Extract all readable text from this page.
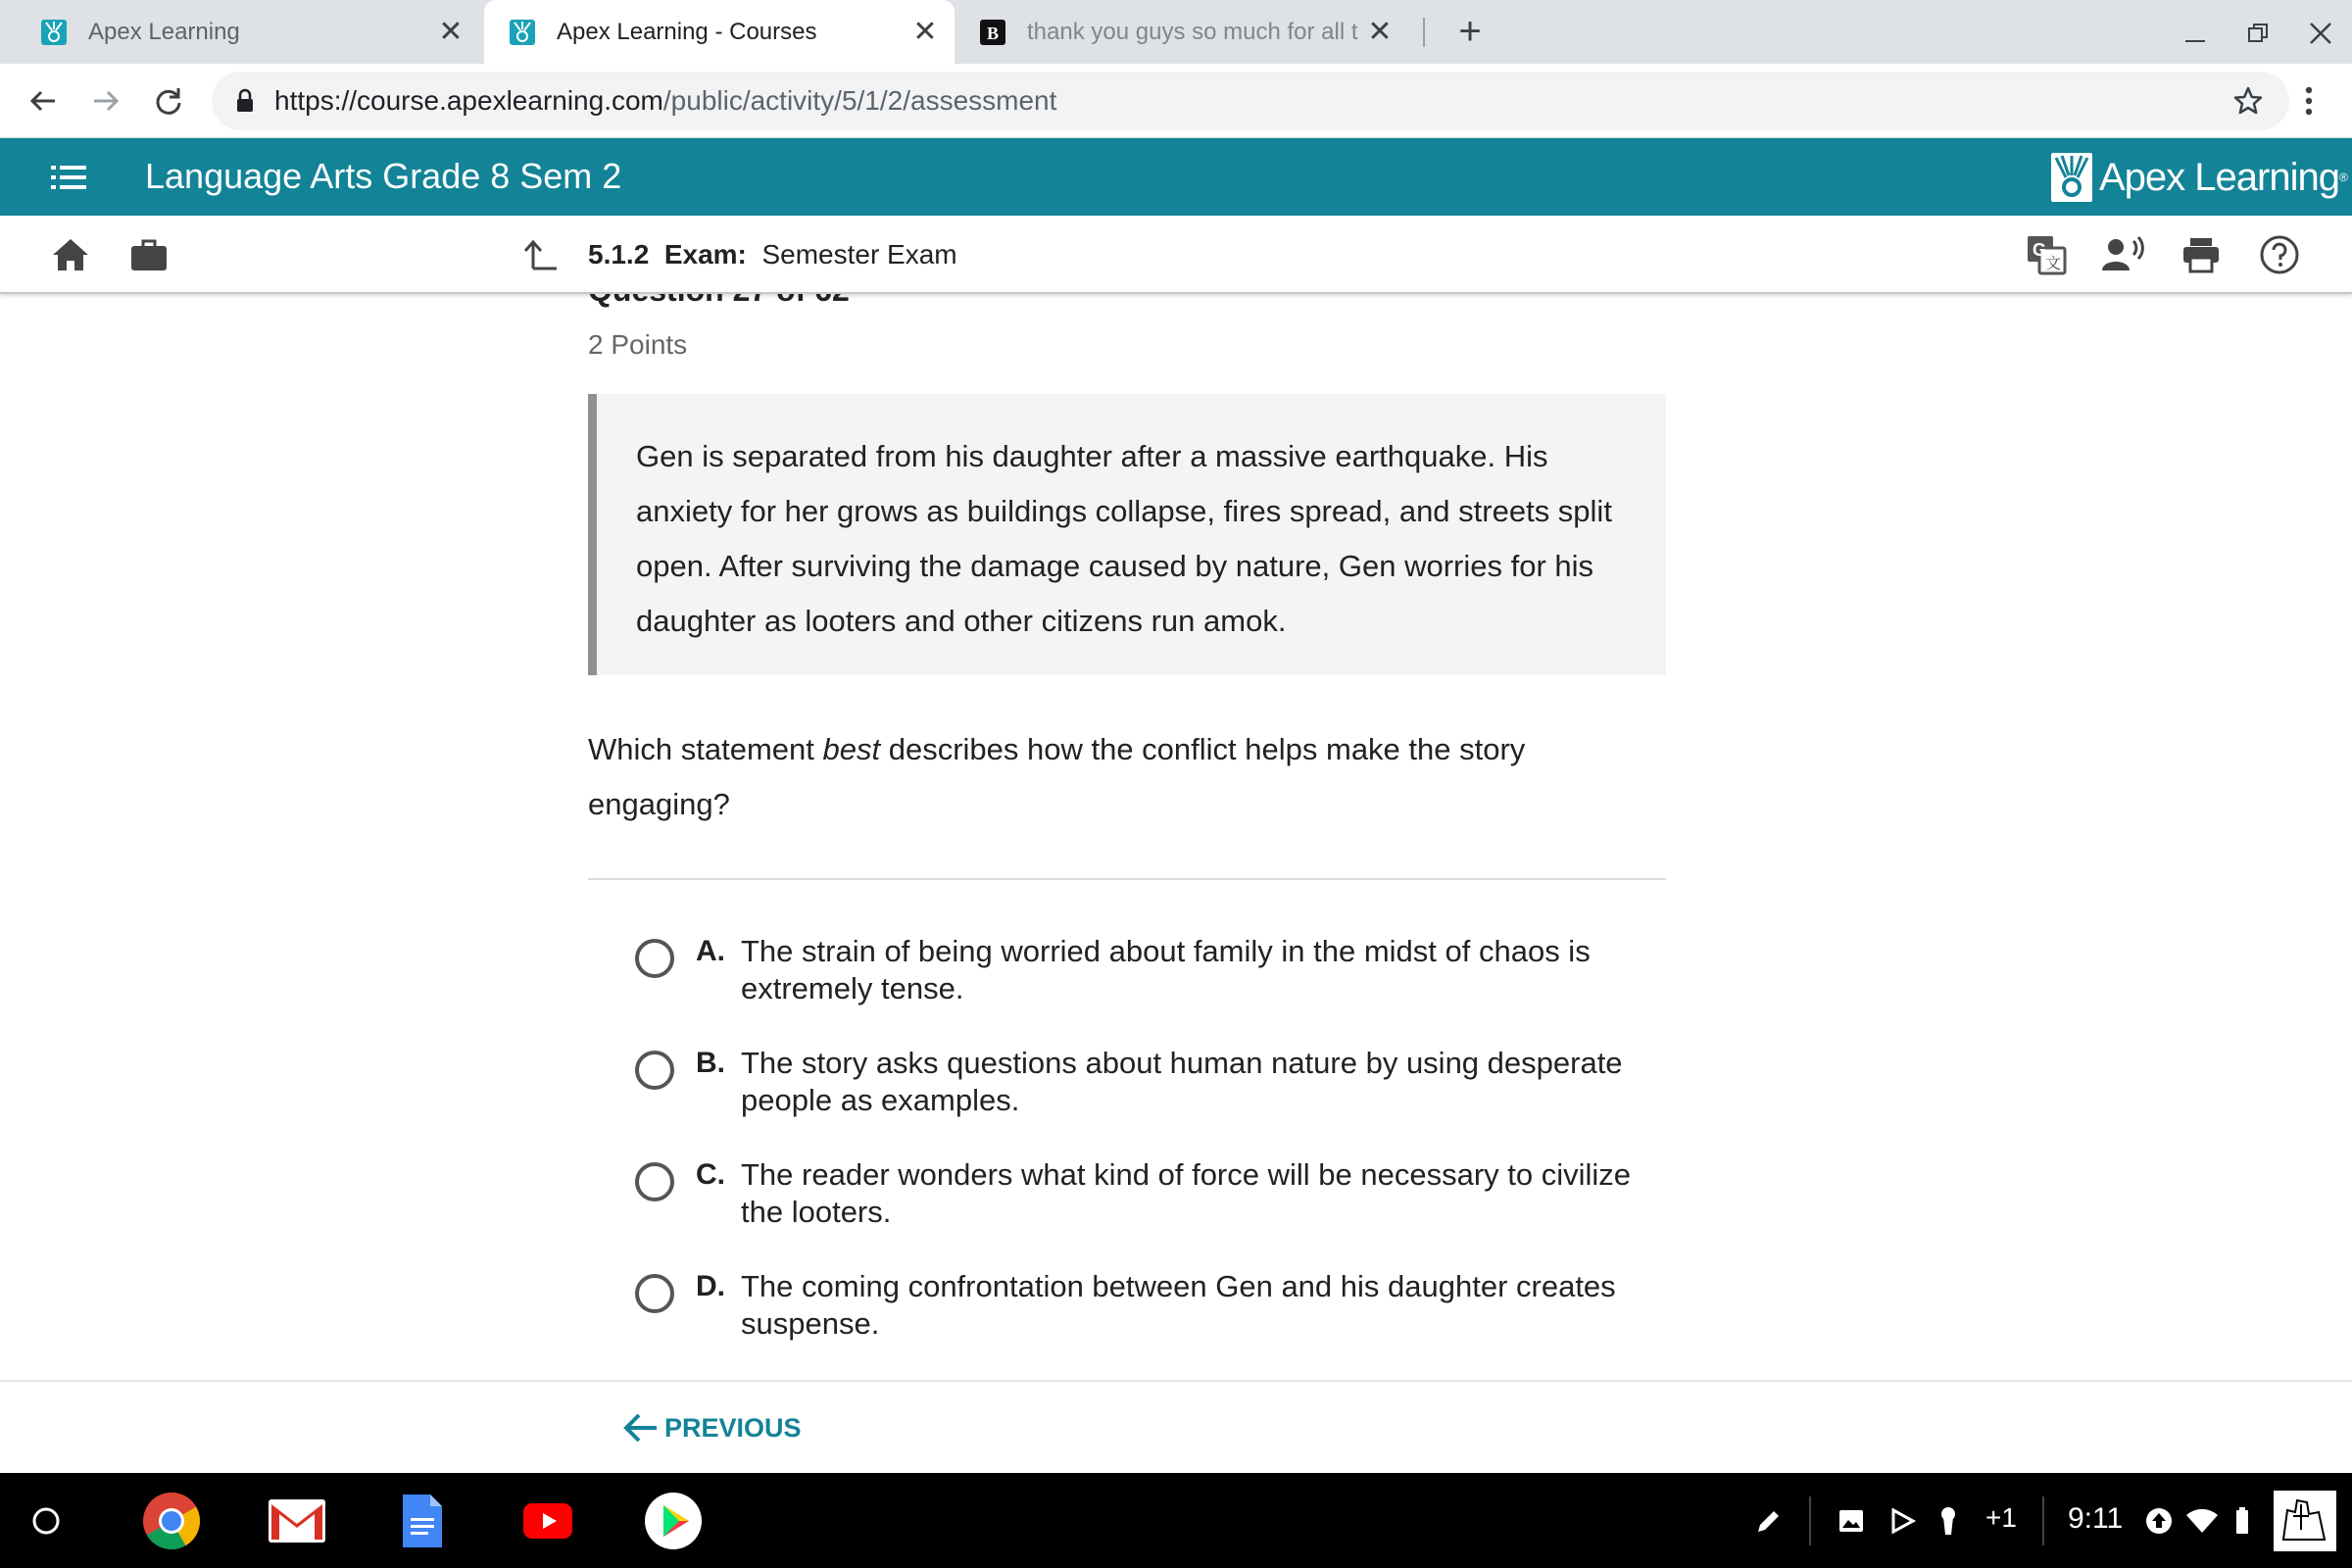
Apex Learning	✕	Apex Learning - Courses	✕	B thank you guys so much for all t ✕ +
https://course.apexlearning.com /public/activity/5/1/2/assessment
Language Arts Grade 8 Sem 2	Apex Learning ®
5.1.2 Exam: Semester Exam	G
文
2 Points
Gen is separated from his daughter after a massive earthquake. His anxiety for her grows as buildings collapse, fires spread, and streets split open. After surviving the damage caused by nature, Gen worries for his daughter as looters and other citizens run amok.
Which statement best describes how the conflict helps make the story engaging?
A. The strain of being worried about family in the midst of chaos is extremely tense.
B. The story asks questions about human nature by using desperate people as examples.
C. The reader wonders what kind of force will be necessary to civilize the looters.
D. The coming confrontation between Gen and his daughter creates suspense.
PREVIOUS
+1 9:11
